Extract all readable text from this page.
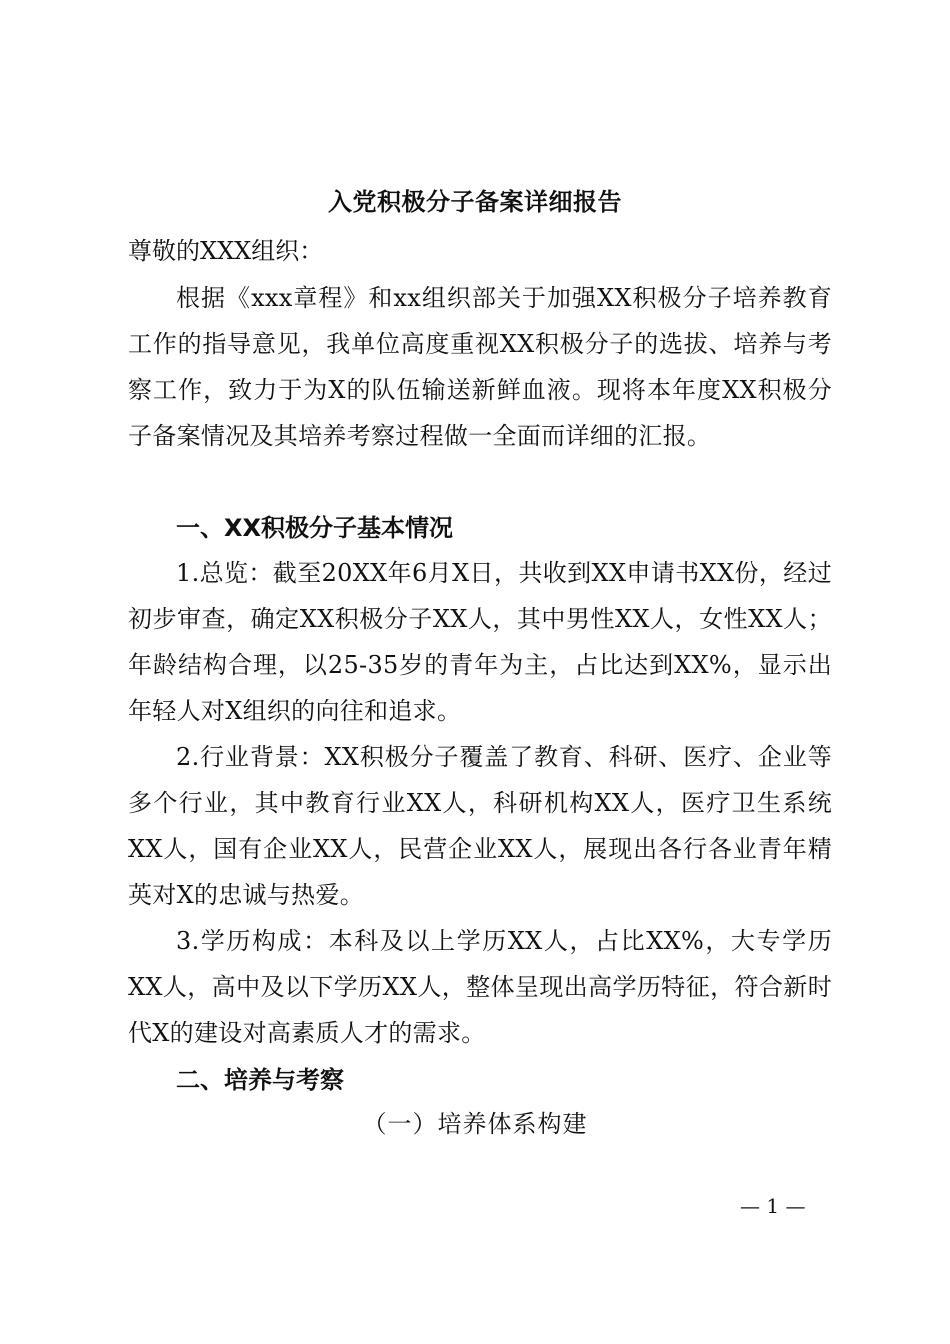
入党积极分子备案详细报告
尊敬的XXX组织：
根据《xxx章程》和xx组织部关于加强XX积极分子培养教育工作的指导意见，我单位高度重视XX积极分子的选拔、培养与考察工作，致力于为X的队伍输送新鲜血液。现将本年度XX积极分子备案情况及其培养考察过程做一全面而详细的汇报。
一、XX积极分子基本情况
1.总览：截至20XX年6月X日，共收到XX申请书XX份，经过初步审查，确定XX积极分子XX人，其中男性XX人，女性XX人；年龄结构合理，以25-35岁的青年为主，占比达到XX%，显示出年轻人对X组织的向往和追求。
2.行业背景：XX积极分子覆盖了教育、科研、医疗、企业等多个行业，其中教育行业XX人，科研机构XX人，医疗卫生系统XX人，国有企业XX人，民营企业XX人，展现出各行各业青年精英对X的忠诚与热爱。
3.学历构成：本科及以上学历XX人，占比XX%，大专学历XX人，高中及以下学历XX人，整体呈现出高学历特征，符合新时代X的建设对高素质人才的需求。
二、培养与考察
（一）培养体系构建
— 1 —
